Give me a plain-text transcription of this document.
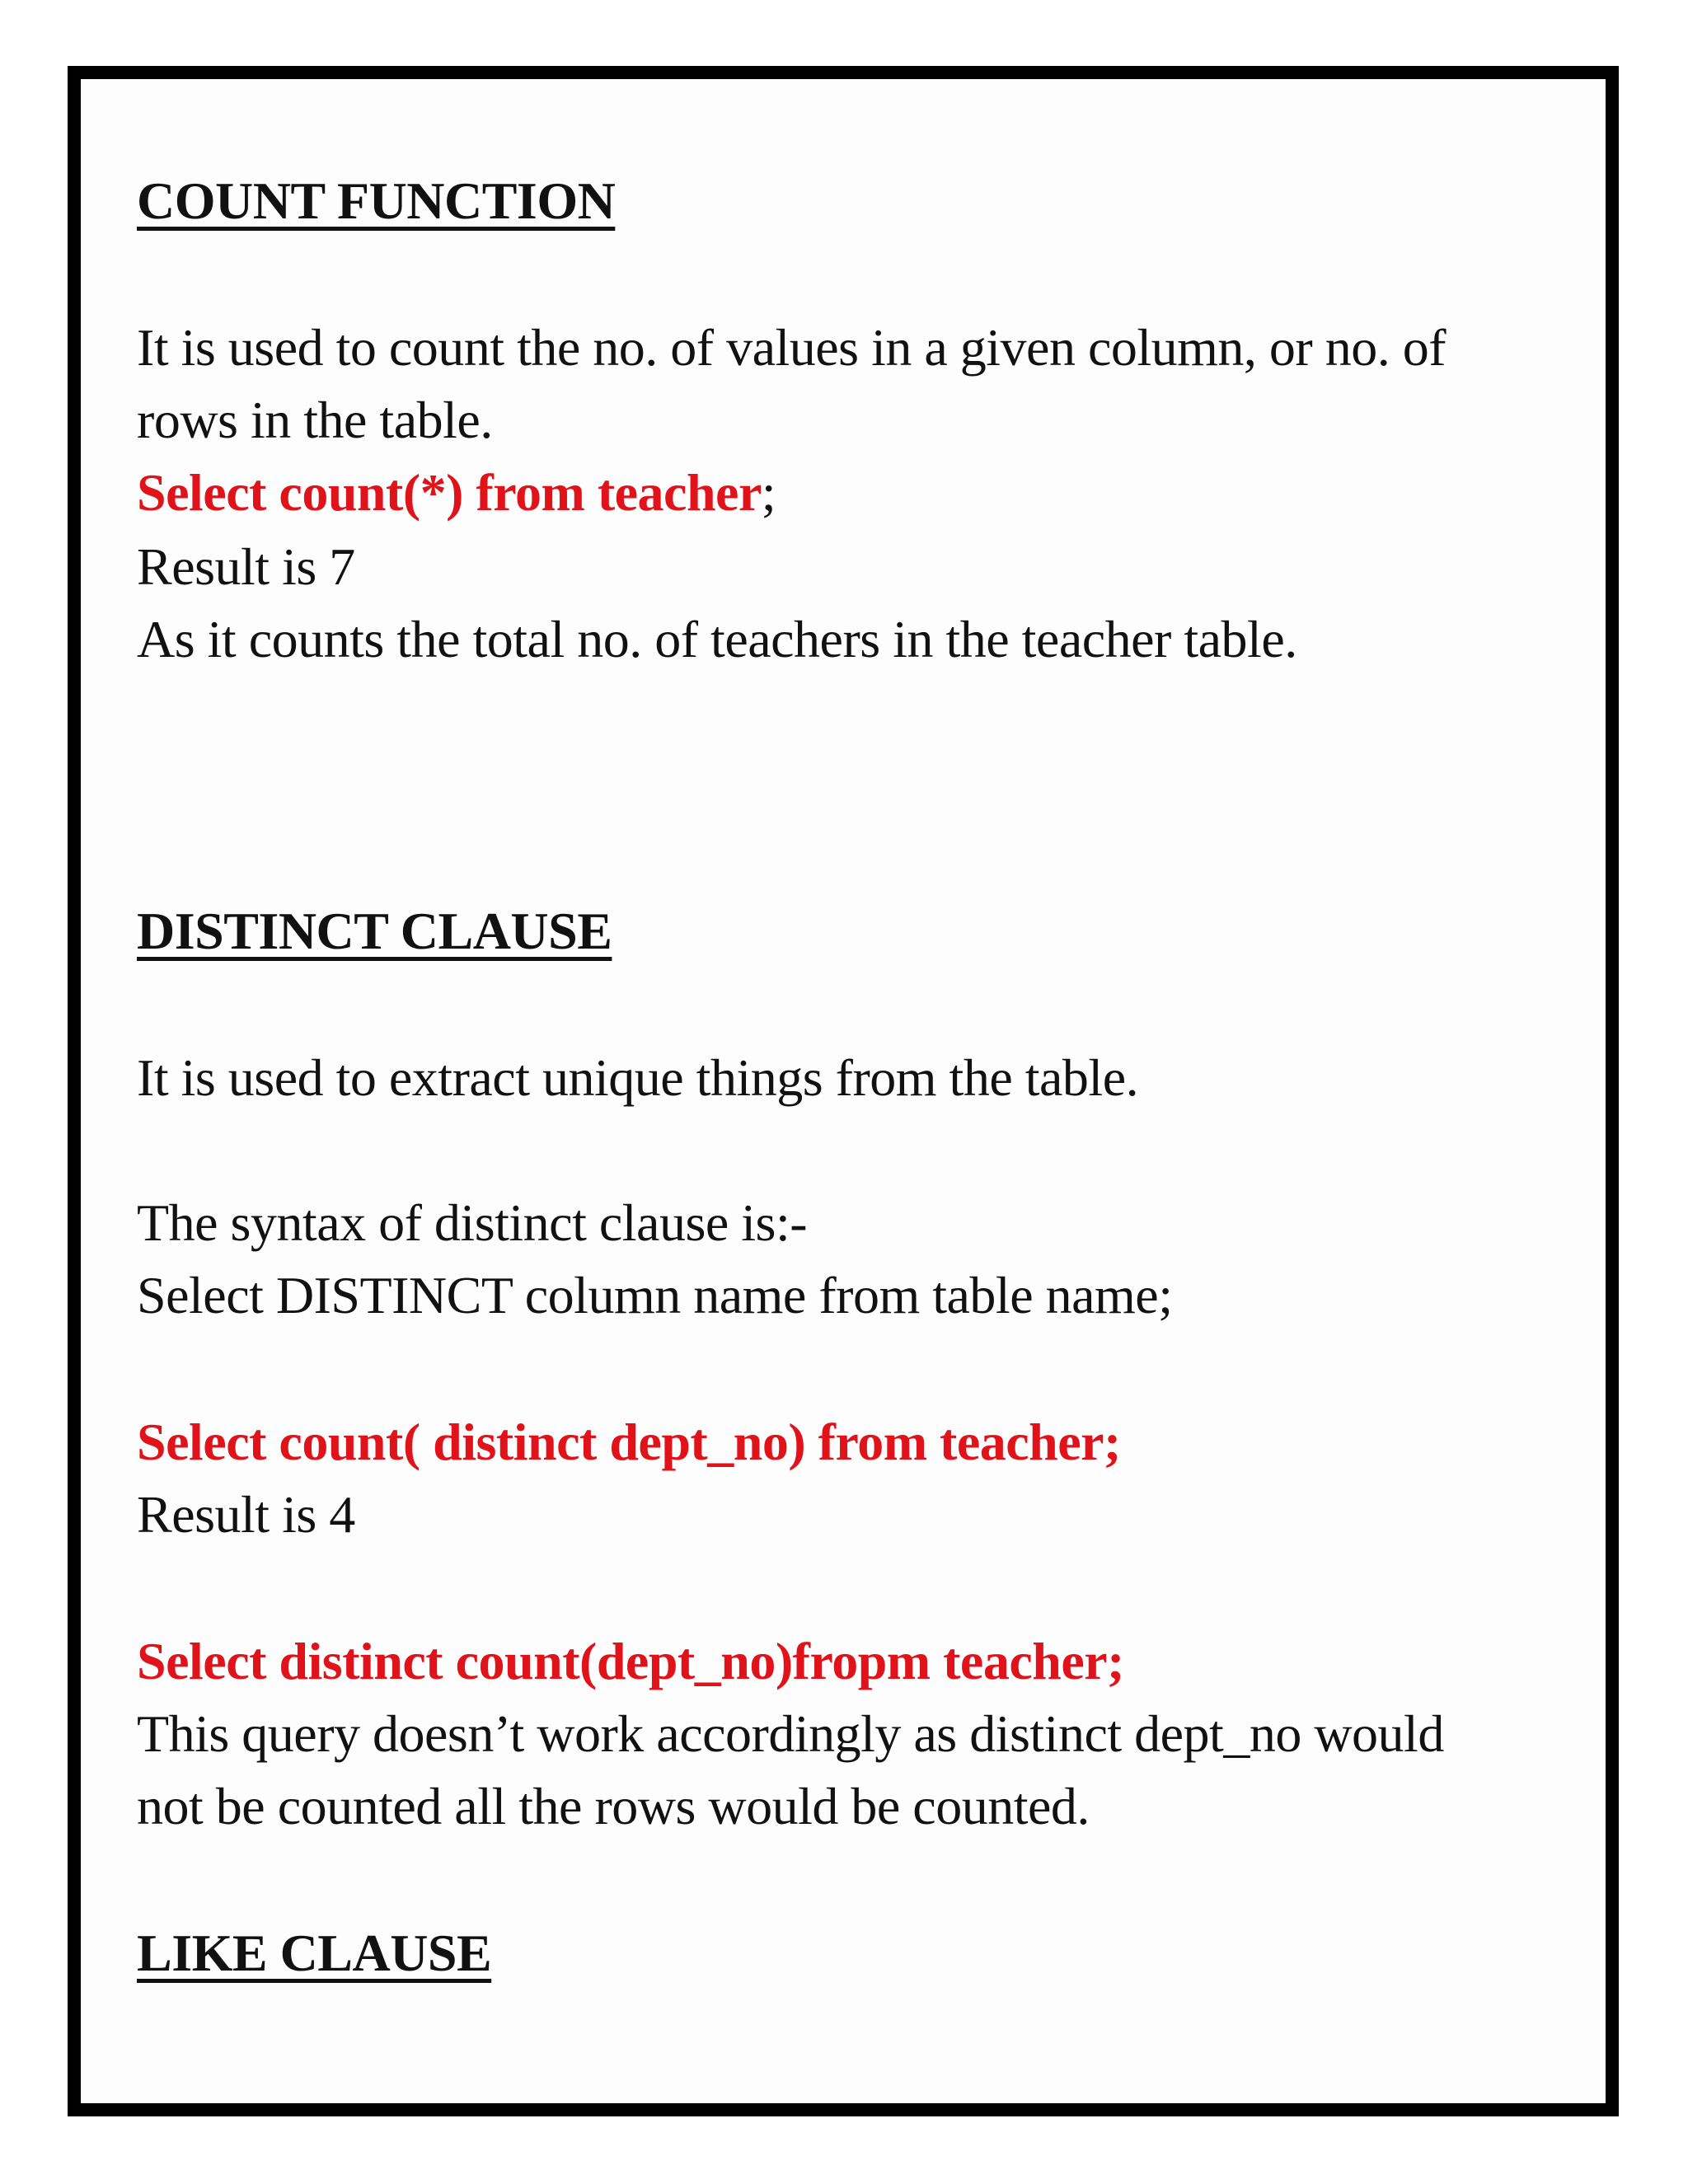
COUNT FUNCTION
It is used to count the no. of values in a given column, or no. of
rows in the table.
Select count(*) from teacher;
Result is 7
As it counts the total no. of teachers in the teacher table.
DISTINCT CLAUSE
It is used to extract unique things from the table.
The syntax of distinct clause is:-
Select DISTINCT column name from table name;
Select count( distinct dept_no) from teacher;
Result is 4
Select distinct count(dept_no)fropm teacher;
This query doesn’t work accordingly as distinct dept_no would
not be counted all the rows would be counted.
LIKE CLAUSE
